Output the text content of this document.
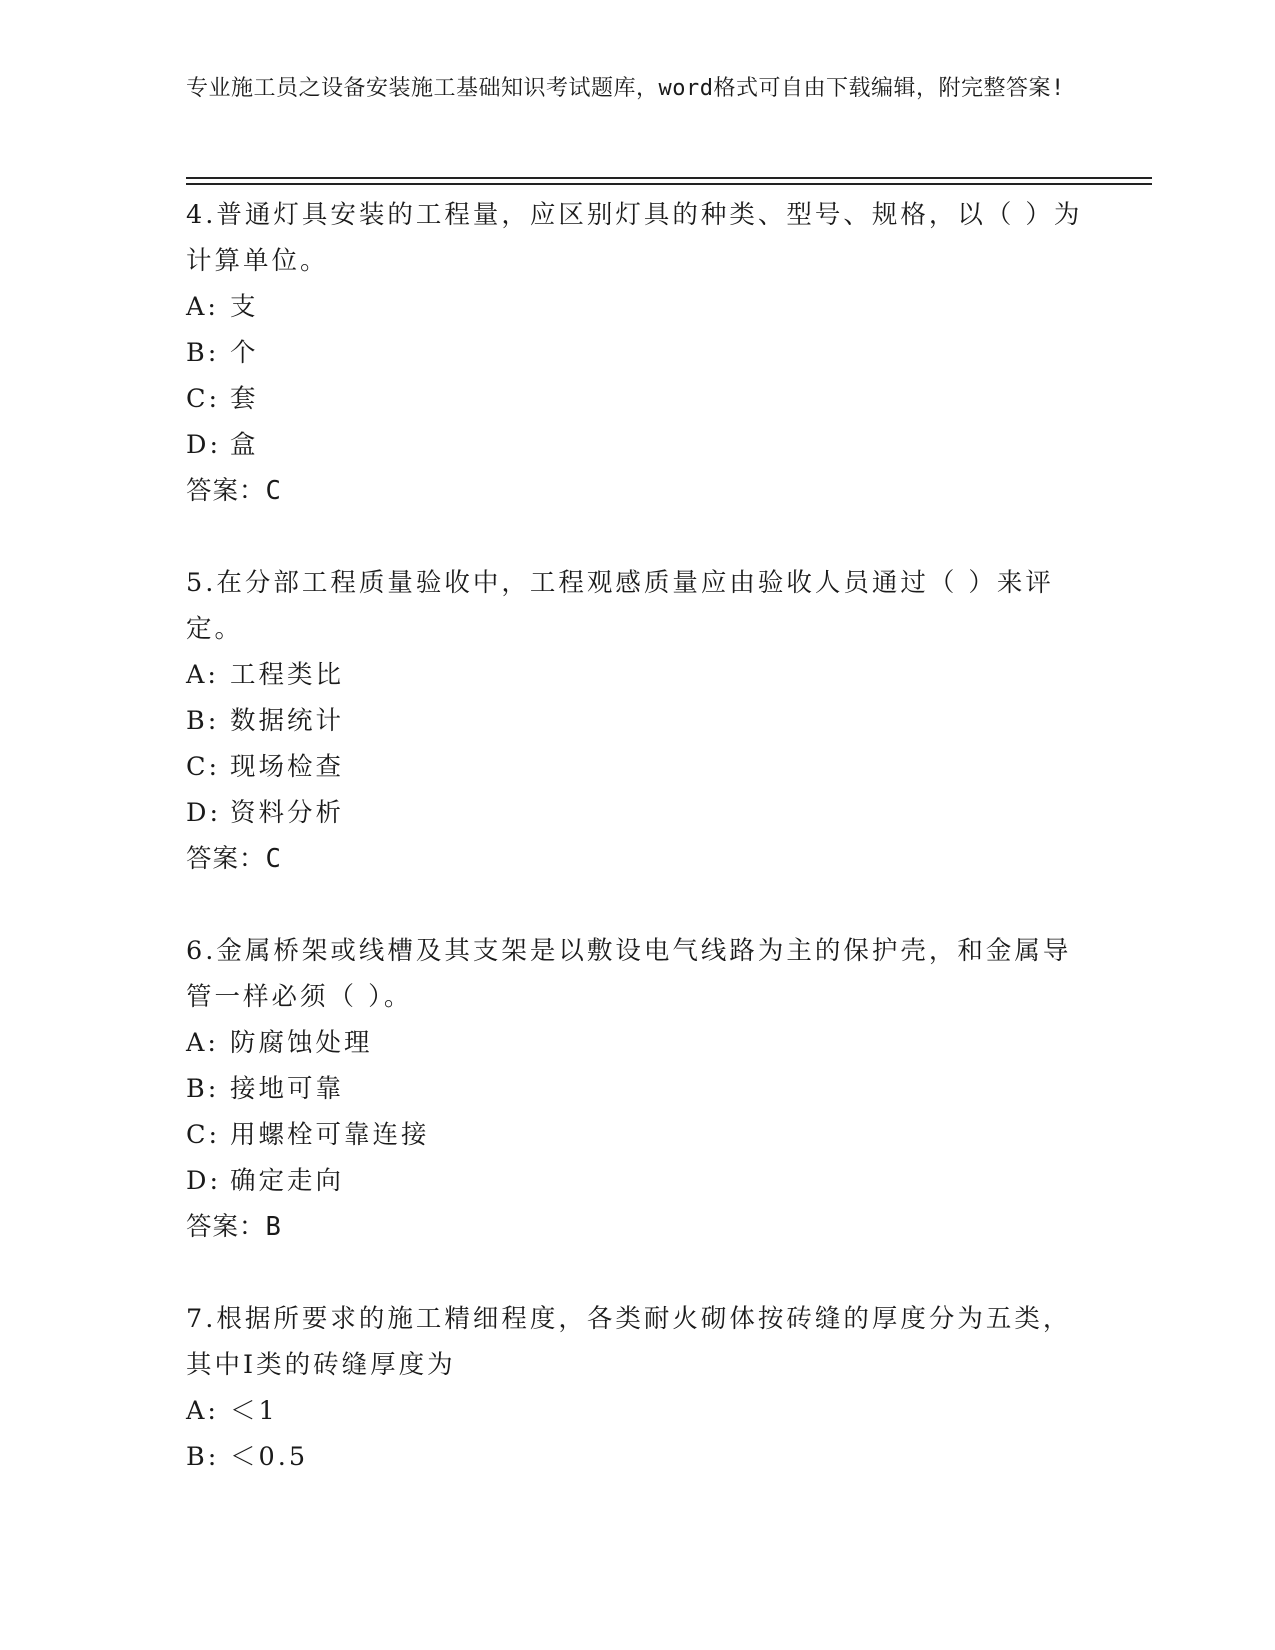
专业施工员之设备安装施工基础知识考试题库，word格式可自由下载编辑，附完整答案!

4.普通灯具安装的工程量，应区别灯具的种类、型号、规格，以（ ）为计算单位。

A: 支

B: 个

C: 套

D: 盒

答案：C

5.在分部工程质量验收中，工程观感质量应由验收人员通过（ ）来评定。

A: 工程类比

B: 数据统计

C: 现场检查

D: 资料分析

答案：C

6.金属桥架或线槽及其支架是以敷设电气线路为主的保护壳，和金属导管一样必须（ ）。

A: 防腐蚀处理

B: 接地可靠

C: 用螺栓可靠连接

D: 确定走向

答案：B

7.根据所要求的施工精细程度，各类耐火砌体按砖缝的厚度分为五类，其中Ⅰ类的砖缝厚度为

A: ＜1

B: ＜0.5
